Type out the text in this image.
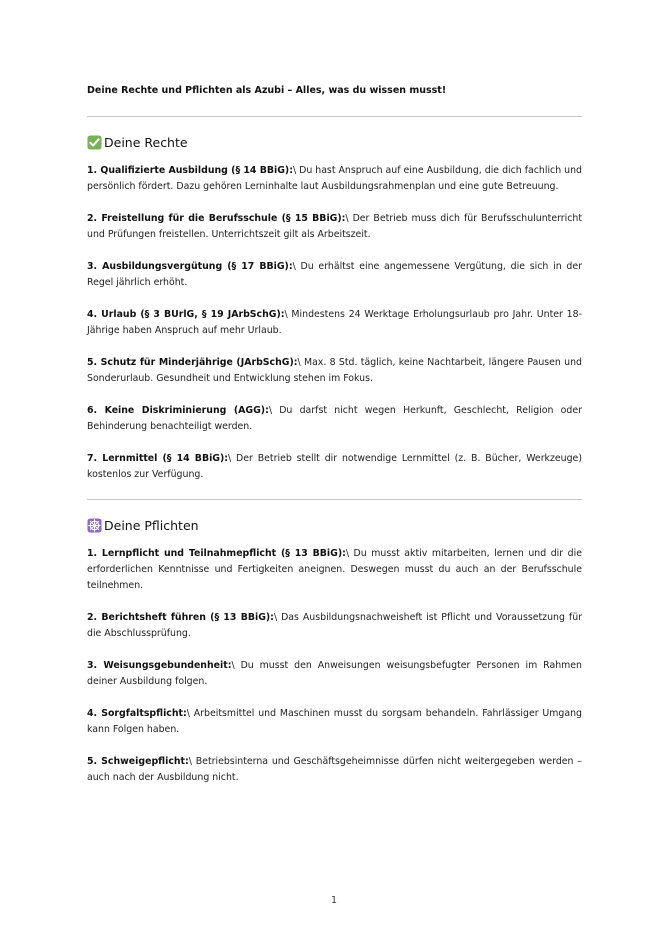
Deine Rechte und Pflichten als Azubi – Alles, was du wissen musst!

Deine Rechte

1. Qualifizierte Ausbildung (§ 14 BBiG):\ Du hast Anspruch auf eine Ausbildung, die dich fachlich und persönlich fördert. Dazu gehören Lerninhalte laut Ausbildungsrahmenplan und eine gute Betreuung.

2. Freistellung für die Berufsschule (§ 15 BBiG):\ Der Betrieb muss dich für Berufsschulunterricht und Prüfungen freistellen. Unterrichtszeit gilt als Arbeitszeit.

3. Ausbildungsvergütung (§ 17 BBiG):\ Du erhältst eine angemessene Vergütung, die sich in der Regel jährlich erhöht.

4. Urlaub (§ 3 BUrlG, § 19 JArbSchG):\ Mindestens 24 Werktage Erholungsurlaub pro Jahr. Unter 18-Jährige haben Anspruch auf mehr Urlaub.

5. Schutz für Minderjährige (JArbSchG):\ Max. 8 Std. täglich, keine Nachtarbeit, längere Pausen und Sonderurlaub. Gesundheit und Entwicklung stehen im Fokus.

6. Keine Diskriminierung (AGG):\ Du darfst nicht wegen Herkunft, Geschlecht, Religion oder Behinderung benachteiligt werden.

7. Lernmittel (§ 14 BBiG):\ Der Betrieb stellt dir notwendige Lernmittel (z. B. Bücher, Werkzeuge) kostenlos zur Verfügung.

Deine Pflichten

1. Lernpflicht und Teilnahmepflicht (§ 13 BBiG):\ Du musst aktiv mitarbeiten, lernen und dir die erforderlichen Kenntnisse und Fertigkeiten aneignen. Deswegen musst du auch an der Berufsschule teilnehmen.

2. Berichtsheft führen (§ 13 BBiG):\ Das Ausbildungsnachweisheft ist Pflicht und Voraussetzung für die Abschlussprüfung.

3. Weisungsgebundenheit:\ Du musst den Anweisungen weisungsbefugter Personen im Rahmen deiner Ausbildung folgen.

4. Sorgfaltspflicht:\ Arbeitsmittel und Maschinen musst du sorgsam behandeln. Fahrlässiger Umgang kann Folgen haben.

5. Schweigepflicht:\ Betriebsinterna und Geschäftsgeheimnisse dürfen nicht weitergegeben werden – auch nach der Ausbildung nicht.

1
